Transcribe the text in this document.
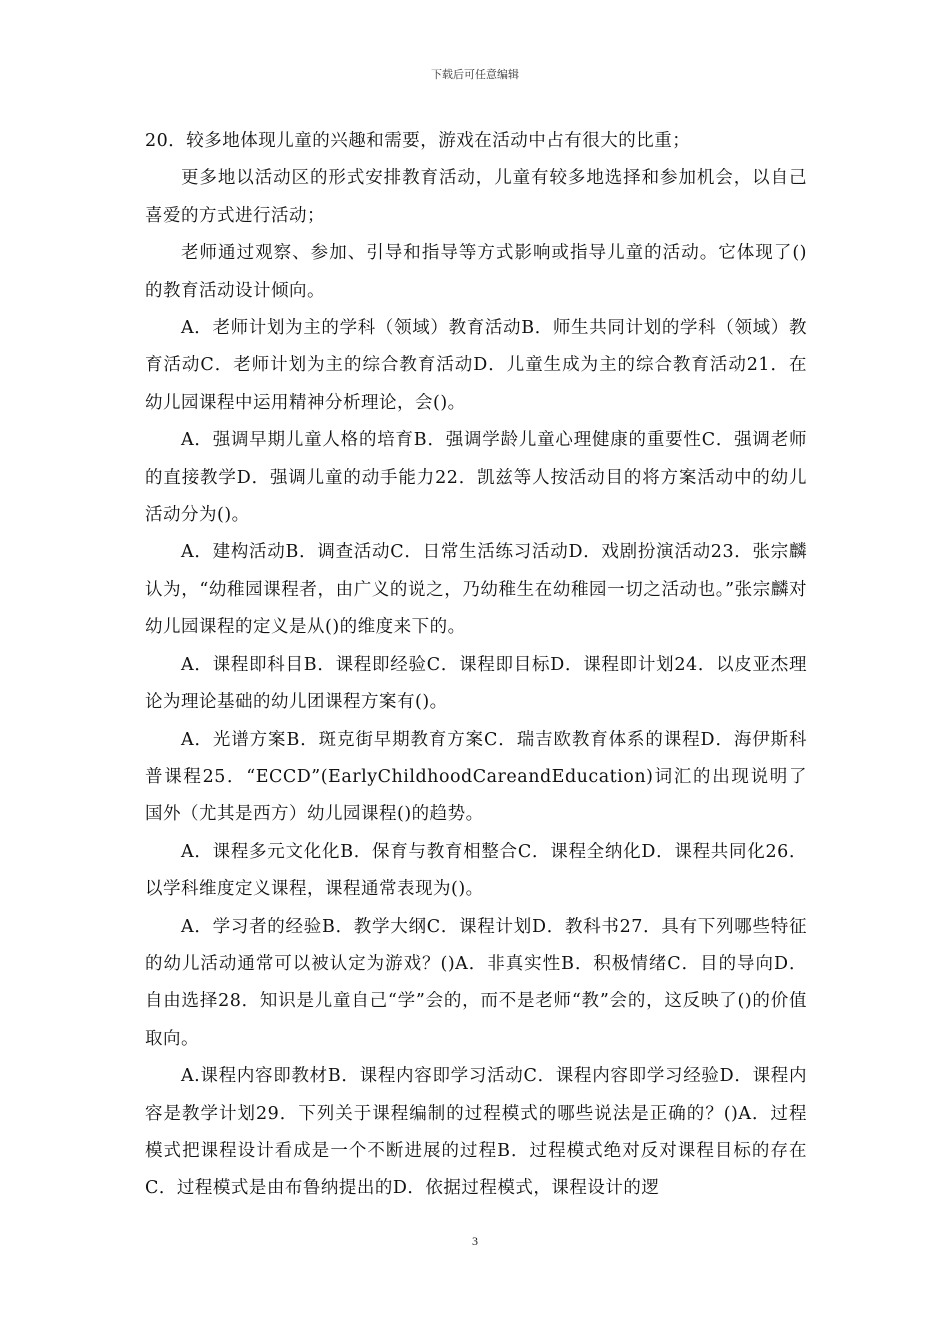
下载后可任意编辑

20．较多地体现儿童的兴趣和需要，游戏在活动中占有很大的比重；

更多地以活动区的形式安排教育活动，儿童有较多地选择和参加机会，以自己喜爱的方式进行活动；

老师通过观察、参加、引导和指导等方式影响或指导儿童的活动。它体现了()的教育活动设计倾向。

A．老师计划为主的学科（领域）教育活动B．师生共同计划的学科（领域）教育活动C．老师计划为主的综合教育活动D．儿童生成为主的综合教育活动21．在幼儿园课程中运用精神分析理论，会()。

A．强调早期儿童人格的培育B．强调学龄儿童心理健康的重要性C．强调老师的直接教学D．强调儿童的动手能力22．凯兹等人按活动目的将方案活动中的幼儿活动分为()。

A．建构活动B．调查活动C．日常生活练习活动D．戏剧扮演活动23．张宗麟认为，“幼稚园课程者，由广义的说之，乃幼稚生在幼稚园一切之活动也。”张宗麟对幼儿园课程的定义是从()的维度来下的。

A．课程即科目B．课程即经验C．课程即目标D．课程即计划24．以皮亚杰理论为理论基础的幼儿团课程方案有()。

A．光谱方案B．斑克街早期教育方案C．瑞吉欧教育体系的课程D．海伊斯科普课程25．“ECCD”(EarlyChildhoodCareandEducation)词汇的出现说明了国外（尤其是西方）幼儿园课程()的趋势。

A．课程多元文化化B．保育与教育相整合C．课程全纳化D．课程共同化26．以学科维度定义课程，课程通常表现为()。

A．学习者的经验B．教学大纲C．课程计划D．教科书27．具有下列哪些特征的幼儿活动通常可以被认定为游戏？()A．非真实性B．积极情绪C．目的导向D．自由选择28．知识是儿童自己“学”会的，而不是老师“教”会的，这反映了()的价值取向。

A.课程内容即教材B．课程内容即学习活动C．课程内容即学习经验D．课程内容是教学计划29．下列关于课程编制的过程模式的哪些说法是正确的？()A．过程模式把课程设计看成是一个不断进展的过程B．过程模式绝对反对课程目标的存在C．过程模式是由布鲁纳提出的D．依据过程模式，课程设计的逻

3
